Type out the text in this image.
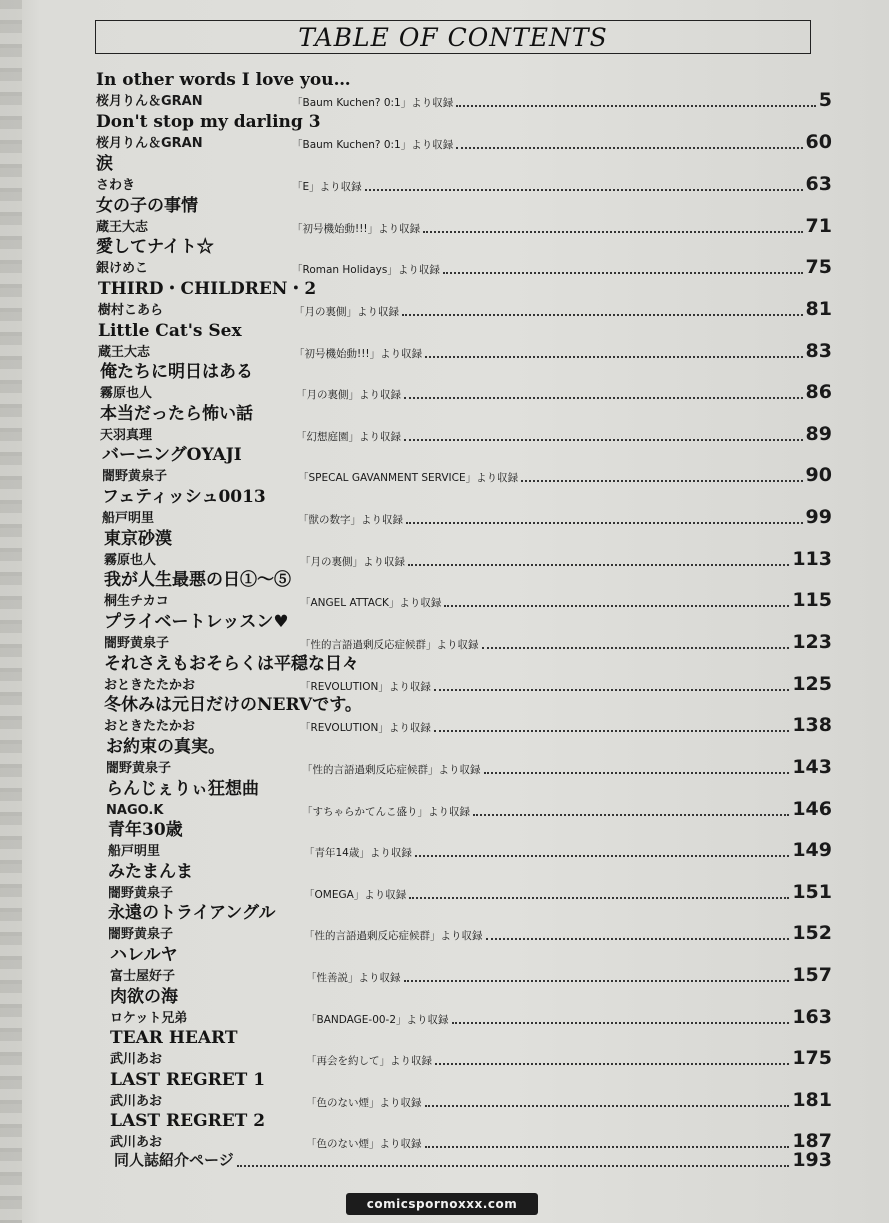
TABLE OF CONTENTS
In other words I love you…
桜月りん＆GRAN	「Baum Kuchen? 0:1」より収録	5
Don't stop my darling 3
桜月りん＆GRAN	「Baum Kuchen? 0:1」より収録	60
涙
さわき	「E」より収録	63
女の子の事情
蔵王大志	「初号機始動!!!」より収録	71
愛してナイト☆
銀けめこ	「Roman Holidays」より収録	75
THIRD・CHILDREN・2
樹村こあら	「月の裏側」より収録	81
Little Cat's Sex
蔵王大志	「初号機始動!!!」より収録	83
俺たちに明日はある
霧原也人	「月の裏側」より収録	86
本当だったら怖い話
天羽真理	「幻想庭園」より収録	89
バーニングOYAJI
闇野黄泉子	「SPECAL GAVANMENT SERVICE」より収録	90
フェティッシュ0013
船戸明里	「獣の数字」より収録	99
東京砂漠
霧原也人	「月の裏側」より収録	113
我が人生最悪の日①〜⑤
桐生チカコ	「ANGEL ATTACK」より収録	115
プライベートレッスン♥
闇野黄泉子	「性的言語過剰反応症候群」より収録	123
それさえもおそらくは平穏な日々
おときたたかお	「REVOLUTION」より収録	125
冬休みは元日だけのNERVです。
おときたたかお	「REVOLUTION」より収録	138
お約束の真実。
闇野黄泉子	「性的言語過剰反応症候群」より収録	143
らんじぇりぃ狂想曲
NAGO.K	「すちゃらかてんこ盛り」より収録	146
青年30歳
船戸明里	「青年14歳」より収録	149
みたまんま
闇野黄泉子	「OMEGA」より収録	151
永遠のトライアングル
闇野黄泉子	「性的言語過剰反応症候群」より収録	152
ハレルヤ
富士屋好子	「性善説」より収録	157
肉欲の海
ロケット兄弟	「BANDAGE-00-2」より収録	163
TEAR HEART
武川あお	「再会を約して」より収録	175
LAST REGRET 1
武川あお	「色のない煙」より収録	181
LAST REGRET 2
武川あお	「色のない煙」より収録	187
同人誌紹介ページ	193
comicspornoxxx.com
